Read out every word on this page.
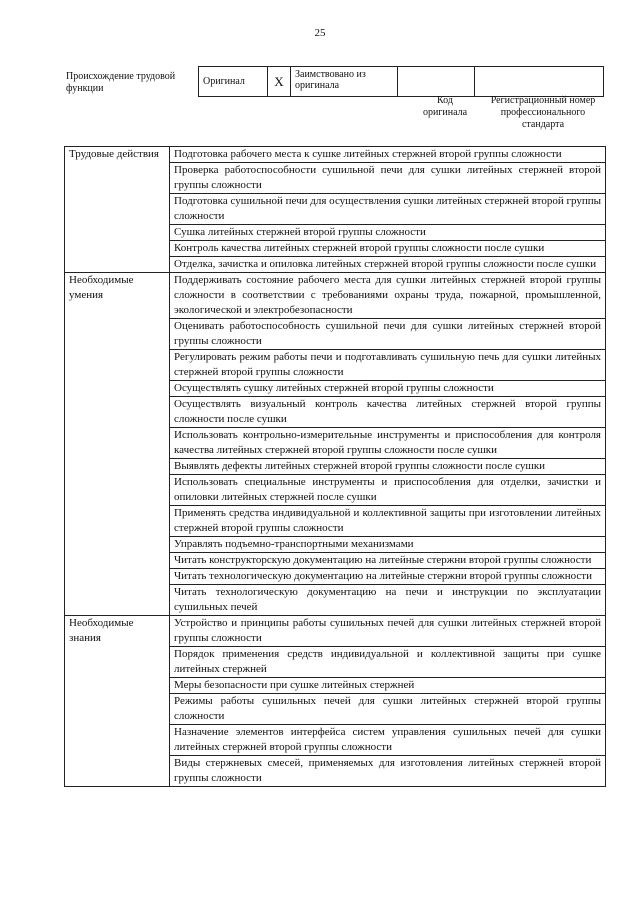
25
Происхождение трудовой функции
Оригинал	X	Заимствовано из оригинала		
Код оригинала
Регистрационный номер профессионального стандарта
Трудовые действия	Подготовка рабочего места к сушке литейных стержней второй группы сложности
	Проверка работоспособности сушильной печи для сушки литейных стержней второй группы сложности
	Подготовка сушильной печи для осуществления сушки литейных стержней второй группы сложности
	Сушка литейных стержней второй группы сложности
	Контроль качества литейных стержней второй группы сложности после сушки
	Отделка, зачистка и опиловка литейных стержней второй группы сложности после сушки
Необходимые умения	Поддерживать состояние рабочего места для сушки литейных стержней второй группы сложности в соответствии с требованиями охраны труда, пожарной, промышленной, экологической и электробезопасности
	Оценивать работоспособность сушильной печи для сушки литейных стержней второй группы сложности
	Регулировать режим работы печи и подготавливать сушильную печь для сушки литейных стержней второй группы сложности
	Осуществлять сушку литейных стержней второй группы сложности
	Осуществлять визуальный контроль качества литейных стержней второй группы сложности после сушки
	Использовать контрольно-измерительные инструменты и приспособления для контроля качества литейных стержней второй группы сложности после сушки
	Выявлять дефекты литейных стержней второй группы сложности после сушки
	Использовать специальные инструменты и приспособления для отделки, зачистки и опиловки литейных стержней после сушки
	Применять средства индивидуальной и коллективной защиты при изготовлении литейных стержней второй группы сложности
	Управлять подъемно-транспортными механизмами
	Читать конструкторскую документацию на литейные стержни второй группы сложности
	Читать технологическую документацию на литейные стержни второй группы сложности
	Читать технологическую документацию на печи и инструкции по эксплуатации сушильных печей
Необходимые знания	Устройство и принципы работы сушильных печей для сушки литейных стержней второй группы сложности
	Порядок применения средств индивидуальной и коллективной защиты при сушке литейных стержней
	Меры безопасности при сушке литейных стержней
	Режимы работы сушильных печей для сушки литейных стержней второй группы сложности
	Назначение элементов интерфейса систем управления сушильных печей для сушки литейных стержней второй группы сложности
	Виды стержневых смесей, применяемых для изготовления литейных стержней второй группы сложности
